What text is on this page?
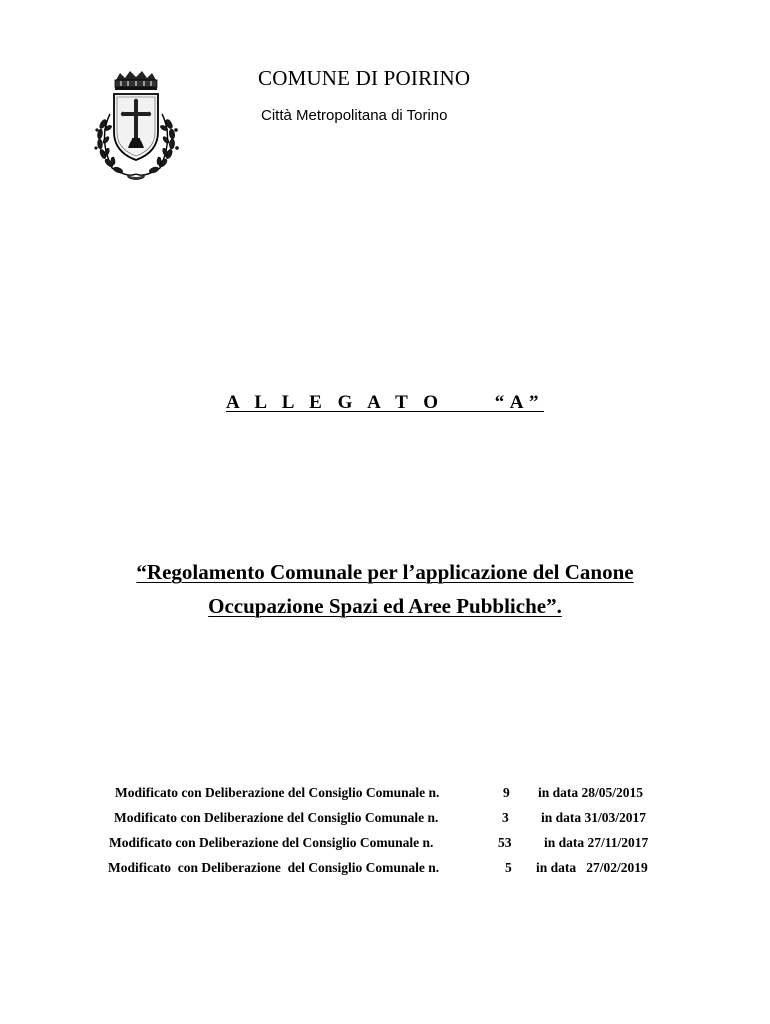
COMUNE DI POIRINO
Città Metropolitana di Torino
A L L E G A T O     “A”
“Regolamento Comunale per l’applicazione del Canone
Occupazione Spazi ed Aree Pubbliche”.
Modificato con Deliberazione del Consiglio Comunale n.	9 in data 28/05/2015
Modificato con Deliberazione del Consiglio Comunale n.	3 in data 31/03/2017
Modificato con Deliberazione del Consiglio Comunale n.	53 in data 27/11/2017
Modificato  con Deliberazione  del Consiglio Comunale n.	5 in data   27/02/2019
